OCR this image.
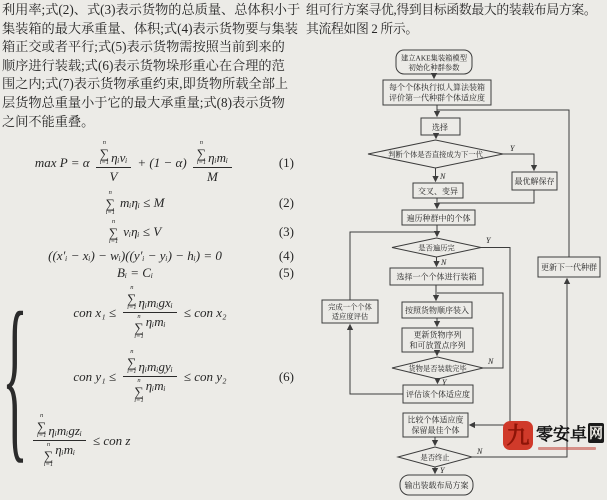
利用率;式(2)、式(3)表示货物的总质量、总体积小于
集装箱的最大承重量、体积;式(4)表示货物要与集装
箱正交或者平行;式(5)表示货物需按照当前到来的
顺序进行装载;式(6)表示货物垛形重心在合理的范
围之内;式(7)表示货物承重约束,即货物所载全部上
层货物总重量小于它的最大承重量;式(8)表示货物
之间不能重叠。
max P = α n
∑
i=1 ηᵢvᵢ
V + (1 − α) n
∑
i=1 ηᵢmᵢ
M	(1)
n
∑
i=1
mᵢηᵢ ≤ M	(2)
n
∑
i=1
vᵢηᵢ ≤ V	(3)
((x′ᵢ − xᵢ) − wᵢ)((y′ᵢ − yᵢ) − hᵢ) = 0	(4)
Bᵢ = Cᵢ	(5)
{	con x₁ ≤ n
∑
i=1 ηᵢmᵢgxᵢ
n
∑
i=1
ηᵢmᵢ ≤ con x₂
con y₁ ≤ n
∑
i=1 ηᵢmᵢgyᵢ
n
∑
i=1
ηᵢmᵢ ≤ con y₂
n
∑
i=1 ηᵢmᵢgzᵢ
n
∑
i=1
ηᵢmᵢ ≤ con z
(6)
组可行方案寻优,得到目标函数最大的装载布局方案。
其流程如图 2 所示。
建立AKE集装箱模型
初始化种群参数
每个个体执行拟人算法装箱
评价第一代种群个体适应度
选择
判断个体是否直接成为下一代
交叉、变异
最优解保存
遍历种群中的个体
是否遍历完
选择一个个体进行装箱
按照货物顺序装入
更新货物序列
和可放置点序列
货物是否装载完毕
评估该个体适应度
比较个体适应度
保留最佳个体
是否终止
输出装载布局方案
完成一个个体
适应度评估
更新下一代种群
Y
N
Y
N
N
Y
N
Y
九 零安卓 网
